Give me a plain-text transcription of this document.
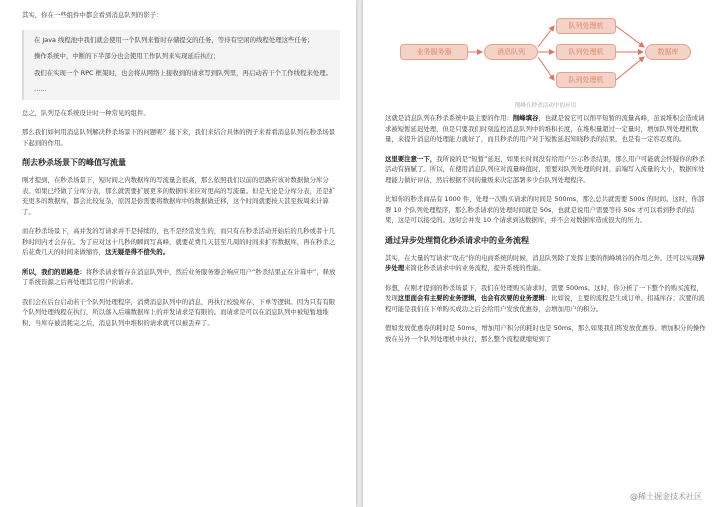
其实，你在一些组件中都会看到消息队列的影子：

在 Java 线程池中我们就会使用一个队列来暂时存储提交的任务，等待有空闲的线程处理这些任务；

操作系统中，中断的下半部分也会使用工作队列来实现延后执行；

我们在实现一个 RPC 框架时，也会将从网络上接收到的请求写到队列里，再启动若干个工作线程来处理。

……

总之，队列是在系统设计时一种常见的组件。

那么我们如何用消息队列解决秒杀场景下的问题呢？接下来，我们来结合具体的例子来看看消息队列在秒杀场景下起到的作用。

削去秒杀场景下的峰值写流量

刚才提到，在秒杀场景下，短时间之内数据库的写流量会很高，那么依照我们以前的思路应该对数据做分库分表。如果已经做了分库分表，那么就需要扩展更多的数据库来应对更高的写流量。但是无论是分库分表，还是扩充更多的数据库，都会比较复杂，原因是你需要将数据库中的数据做迁移，这个时间就要按天甚至按周来计算了。

而在秒杀场景下，高并发的写请求并不是持续的，也不是经常发生的，而只有在秒杀活动开始后的几秒或者十几秒时间内才会存在。为了应对这十几秒的瞬间写高峰，就要花费几天甚至几周的时间来扩容数据库，再在秒杀之后花费几天的时间来做缩容，这无疑是得不偿失的。

所以，我们的思路是：将秒杀请求暂存在消息队列中，然后业务服务器会响应用户“秒杀结果正在计算中”，释放了系统资源之后再处理其它用户的请求。

我们会在后台启动若干个队列处理程序，消费消息队列中的消息，再执行校验库存、下单等逻辑。因为只有有限个队列处理线程在执行，所以落入后端数据库上的并发请求是有限的。而请求是可以在消息队列中被短暂地堆积，当库存被消耗完之后，消息队列中堆积的请求就可以被丢弃了。

业务服务器	消息队列
队列处理机
队列处理机
队列处理机
数据库
削峰在秒杀活动中的应用

这就是消息队列在秒杀系统中最主要的作用：削峰填谷，也就是说它可以削平短暂的流量高峰，虽说堆积会造成请求被短暂延迟处理，但是只要我们时刻监控消息队列中的堆积长度，在堆积量超过一定量时，增加队列处理机数量，来提升消息的处理能力就好了，而且秒杀的用户对于短暂延迟知晓秒杀的结果，也是有一定容忍度的。

这里要注意一下，我所说的是“短暂”延迟，如果长时间没有给用户公示秒杀结果，那么用户可能就会怀疑你的秒杀活动有猫腻了。所以，在使用消息队列应对流量峰值时，需要对队列处理的时间、前端写入流量的大小，数据库处理能力做好评估，然后根据不同的量级来决定部署多少台队列处理程序。

比如你的秒杀商品有 1000 件，处理一次购买请求的时间是 500ms，那么总共就需要 500s 的时间。这时，你部署 10 个队列处理程序，那么秒杀请求的处理时间就是 50s，也就是说用户需要等待 50s 才可以看到秒杀的结果，这是可以接受的。这时会并发 10 个请求到达数据库，并不会对数据库造成很大的压力。

通过异步处理简化秒杀请求中的业务流程

其实，在大量的写请求“攻击”你的电商系统的时候，消息队列除了发挥主要的削峰填谷的作用之外，还可以实现异步处理来简化秒杀请求中的业务流程，提升系统的性能。

你想，在刚才提到的秒杀场景下，我们在处理购买请求时，需要 500ms。这时，你分析了一下整个的购买流程，发现这里面会有主要的业务逻辑，也会有次要的业务逻辑：比如说，主要的流程是生成订单、扣减库存；次要的流程可能是我们在下单购买成功之后会给用户发放优惠券，会增加用户的积分。

假如发放优惠券的耗时是 50ms，增加用户积分的耗时也是 50ms，那么如果我们将发放优惠券、增加积分的操作放在另外一个队列处理机中执行，那么整个流程就缩短到了

@稀土掘金技术社区
